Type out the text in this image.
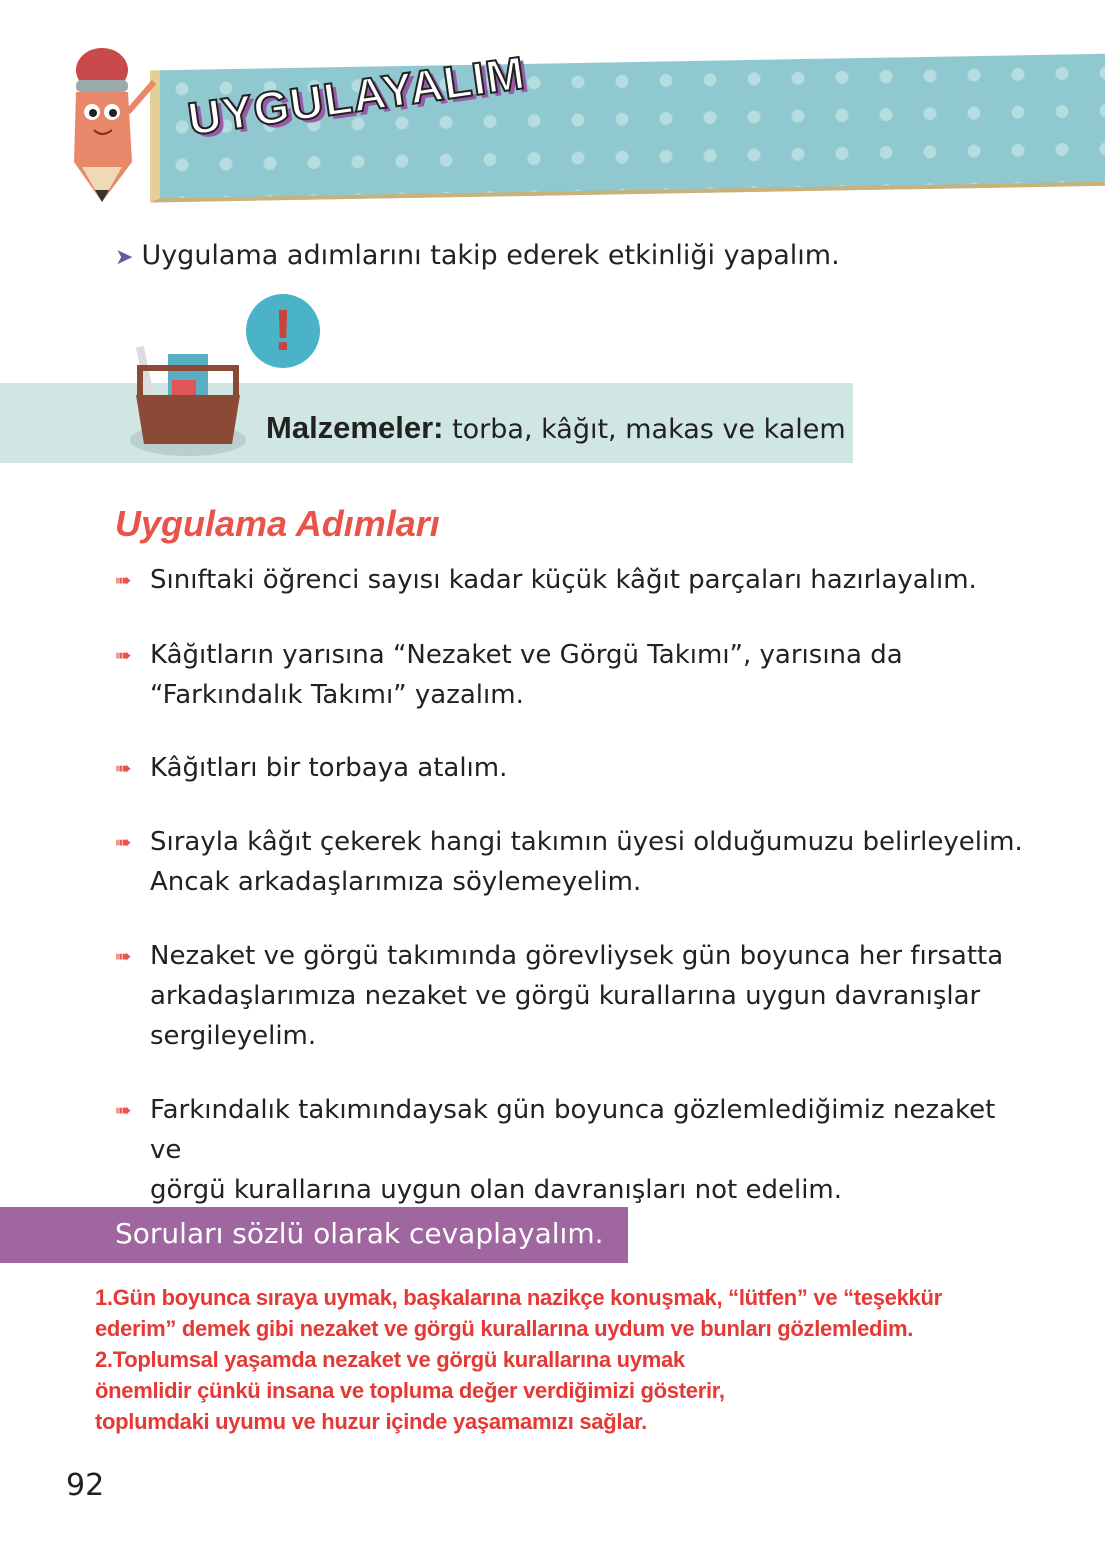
UYGULAYALIM
➤ Uygulama adımlarını takip ederek etkinliği yapalım.
!
Malzemeler: torba, kâğıt, makas ve kalem
Uygulama Adımları
➠ Sınıftaki öğrenci sayısı kadar küçük kâğıt parçaları hazırlayalım.
➠ Kâğıtların yarısına “Nezaket ve Görgü Takımı”, yarısına da
“Farkındalık Takımı” yazalım.
➠ Kâğıtları bir torbaya atalım.
➠ Sırayla kâğıt çekerek hangi takımın üyesi olduğumuzu belirleyelim.
Ancak arkadaşlarımıza söylemeyelim.
➠ Nezaket ve görgü takımında görevliysek gün boyunca her fırsatta
arkadaşlarımıza nezaket ve görgü kurallarına uygun davranışlar
sergileyelim.
➠ Farkındalık takımındaysak gün boyunca gözlemlediğimiz nezaket ve
görgü kurallarına uygun olan davranışları not edelim.
Soruları sözlü olarak cevaplayalım.
1.Gün boyunca sıraya uymak, başkalarına nazikçe konuşmak, “lütfen” ve “teşekkür
ederim” demek gibi nezaket ve görgü kurallarına uydum ve bunları gözlemledim.
2.Toplumsal yaşamda nezaket ve görgü kurallarına uymak
önemlidir çünkü insana ve topluma değer verdiğimizi gösterir,
toplumdaki uyumu ve huzur içinde yaşamamızı sağlar.
92
